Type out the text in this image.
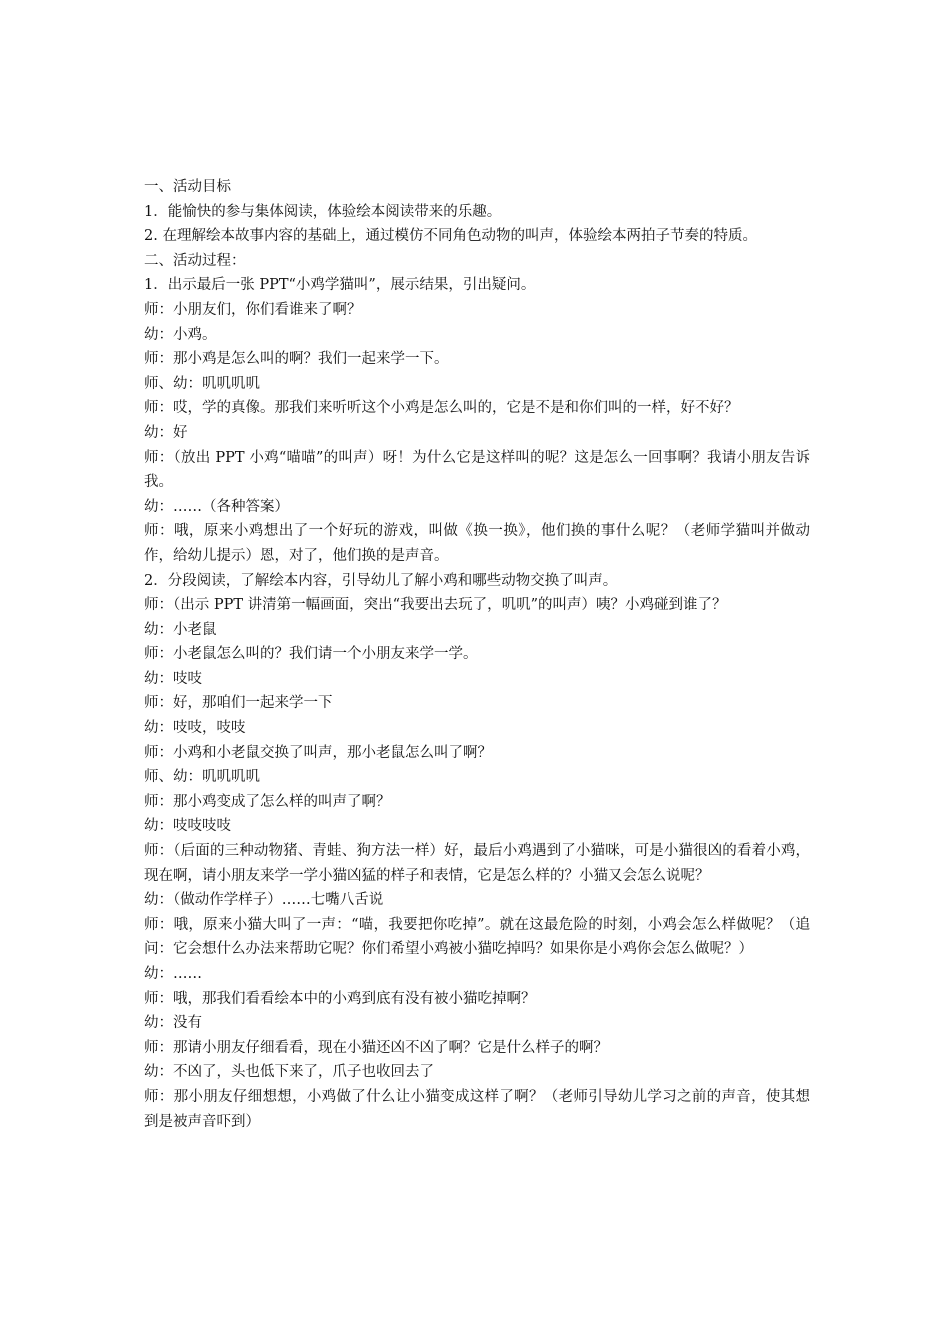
一、活动目标

1．能愉快的参与集体阅读，体验绘本阅读带来的乐趣。

2. 在理解绘本故事内容的基础上，通过模仿不同角色动物的叫声，体验绘本两拍子节奏的特质。

二、活动过程：

1．出示最后一张 PPT“小鸡学猫叫”，展示结果，引出疑问。

师：小朋友们，你们看谁来了啊？

幼：小鸡。

师：那小鸡是怎么叫的啊？我们一起来学一下。

师、幼：叽叽叽叽

师：哎，学的真像。那我们来听听这个小鸡是怎么叫的，它是不是和你们叫的一样，好不好？

幼：好

师：（放出 PPT 小鸡“喵喵”的叫声）呀！为什么它是这样叫的呢？这是怎么一回事啊？我请小朋友告诉我。

幼：……（各种答案）

师：哦，原来小鸡想出了一个好玩的游戏，叫做《换一换》，他们换的事什么呢？（老师学猫叫并做动作，给幼儿提示）恩，对了，他们换的是声音。

2．分段阅读，了解绘本内容，引导幼儿了解小鸡和哪些动物交换了叫声。

师：（出示 PPT 讲清第一幅画面，突出“我要出去玩了，叽叽”的叫声）咦？小鸡碰到谁了？

幼：小老鼠

师：小老鼠怎么叫的？我们请一个小朋友来学一学。

幼：吱吱

师：好，那咱们一起来学一下

幼：吱吱，吱吱

师：小鸡和小老鼠交换了叫声，那小老鼠怎么叫了啊？

师、幼：叽叽叽叽

师：那小鸡变成了怎么样的叫声了啊？

幼：吱吱吱吱

师：（后面的三种动物猪、青蛙、狗方法一样）好，最后小鸡遇到了小猫咪，可是小猫很凶的看着小鸡，现在啊，请小朋友来学一学小猫凶猛的样子和表情，它是怎么样的？小猫又会怎么说呢？

幼：（做动作学样子）……七嘴八舌说

师：哦，原来小猫大叫了一声：“喵，我要把你吃掉”。就在这最危险的时刻，小鸡会怎么样做呢？（追问：它会想什么办法来帮助它呢？你们希望小鸡被小猫吃掉吗？如果你是小鸡你会怎么做呢？）

幼：……

师：哦，那我们看看绘本中的小鸡到底有没有被小猫吃掉啊？

幼：没有

师：那请小朋友仔细看看，现在小猫还凶不凶了啊？它是什么样子的啊？

幼：不凶了，头也低下来了，爪子也收回去了

师：那小朋友仔细想想，小鸡做了什么让小猫变成这样了啊？（老师引导幼儿学习之前的声音，使其想到是被声音吓到）
